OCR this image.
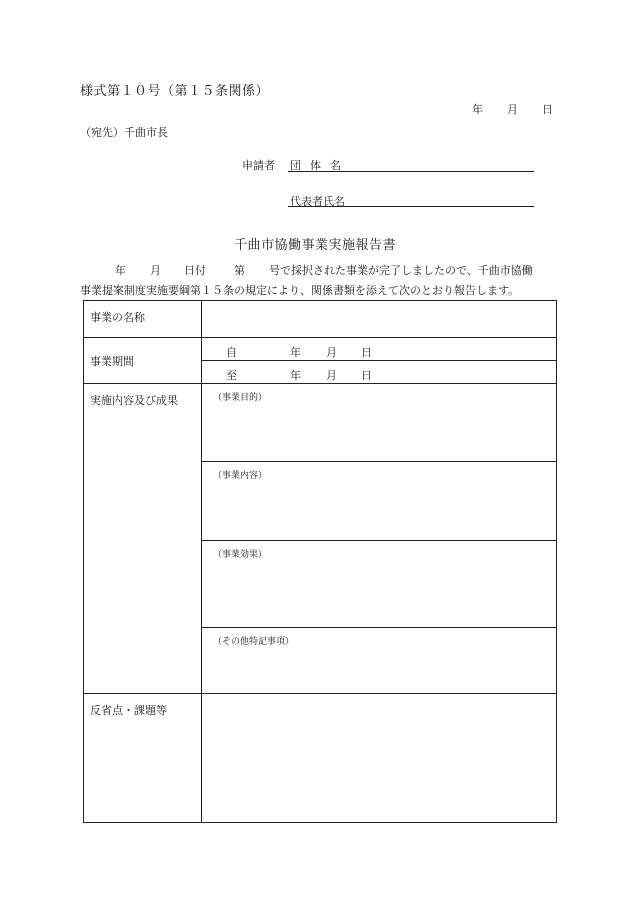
様式第１０号（第１５条関係）
年 月 日
（宛先）千曲市長
申請者 団体名
代表者氏名
千曲市協働事業実施報告書
年 月 日付	第 号で採択された事業が完了しましたので、千曲市協働
事業提案制度実施要綱第１５条の規定により、関係書類を添えて次のとおり報告します。
事業の名称	
事業期間	自 年 月 日

	至 年 月 日

実施内容及び成果	（事業目的）
	（事業内容）
	（事業効果）
	（その他特記事項）
反省点・課題等	
